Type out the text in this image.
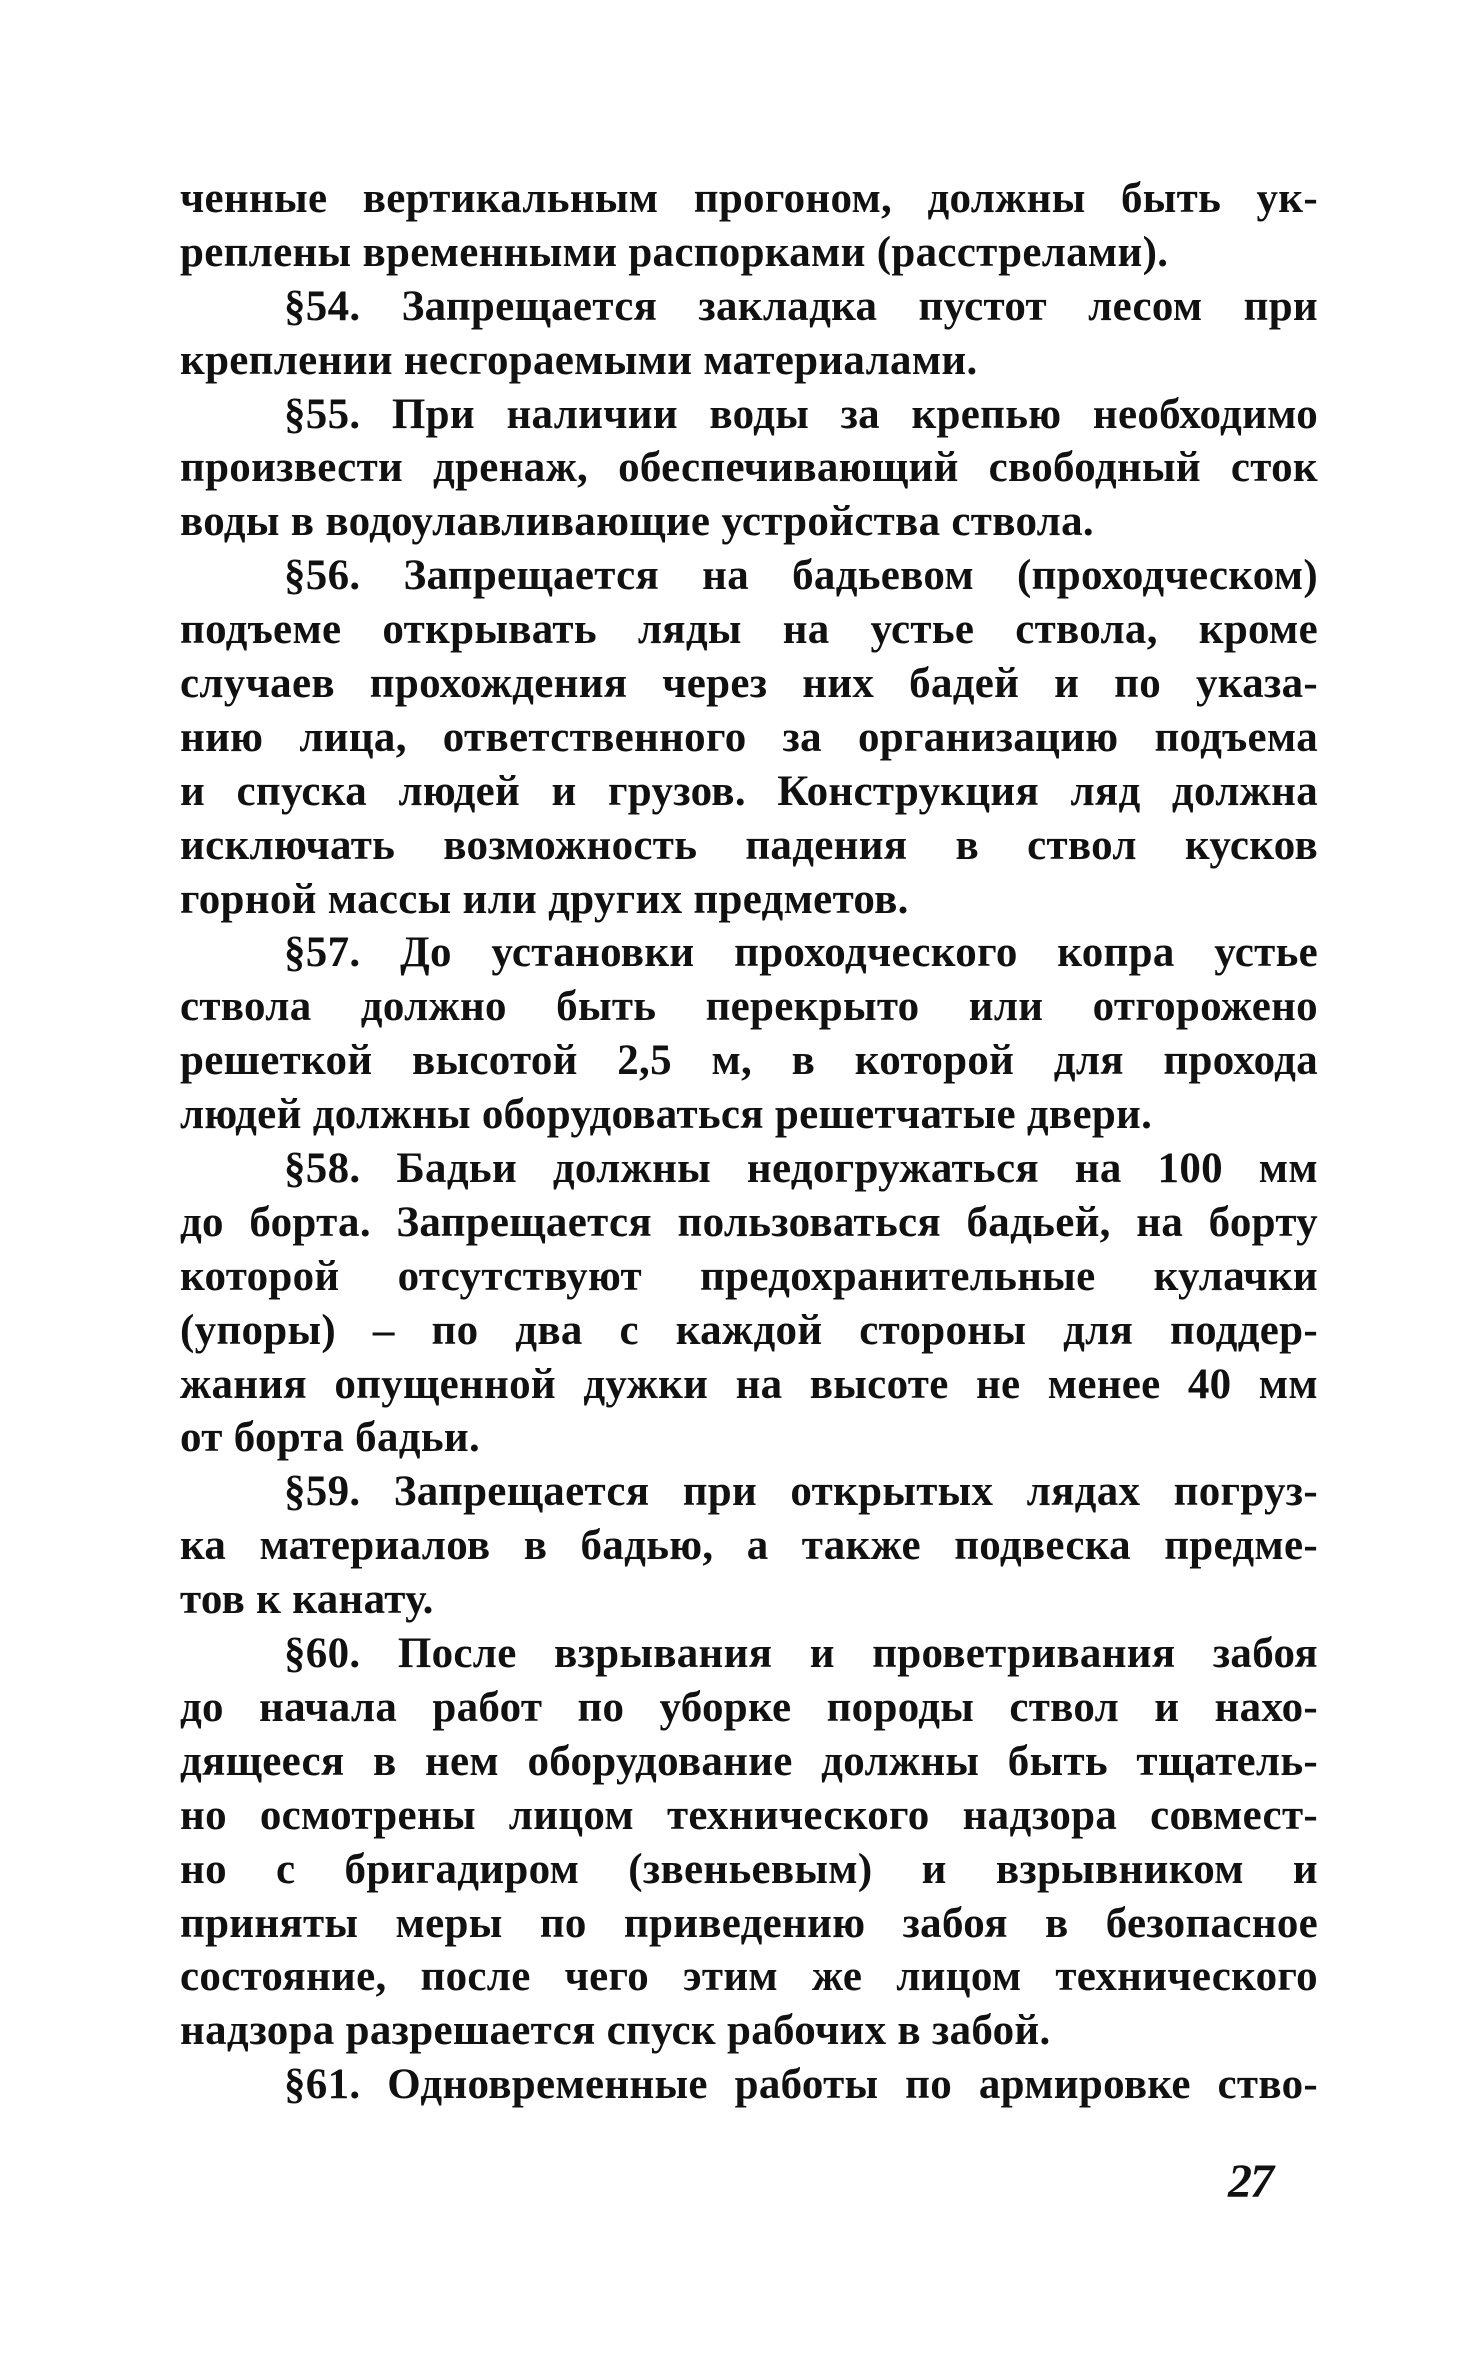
ченные вертикальным прогоном, должны быть ук-
реплены временными распорками (расстрелами).
§54. Запрещается закладка пустот лесом при
креплении несгораемыми материалами.
§55. При наличии воды за крепью необходимо
произвести дренаж, обеспечивающий свободный сток
воды в водоулавливающие устройства ствола.
§56. Запрещается на бадьевом (проходческом)
подъеме открывать ляды на устье ствола, кроме
случаев прохождения через них бадей и по указа-
нию лица, ответственного за организацию подъема
и спуска людей и грузов. Конструкция ляд должна
исключать возможность падения в ствол кусков
горной массы или других предметов.
§57. До установки проходческого копра устье
ствола должно быть перекрыто или отгорожено
решеткой высотой 2,5 м, в которой для прохода
людей должны оборудоваться решетчатые двери.
§58. Бадьи должны недогружаться на 100 мм
до борта. Запрещается пользоваться бадьей, на борту
которой отсутствуют предохранительные кулачки
(упоры) – по два с каждой стороны для поддер-
жания опущенной дужки на высоте не менее 40 мм
от борта бадьи.
§59. Запрещается при открытых лядах погруз-
ка материалов в бадью, а также подвеска предме-
тов к канату.
§60. После взрывания и проветривания забоя
до начала работ по уборке породы ствол и нахо-
дящееся в нем оборудование должны быть тщатель-
но осмотрены лицом технического надзора совмест-
но с бригадиром (звеньевым) и взрывником и
приняты меры по приведению забоя в безопасное
состояние, после чего этим же лицом технического
надзора разрешается спуск рабочих в забой.
§61. Одновременные работы по армировке ство-
27
